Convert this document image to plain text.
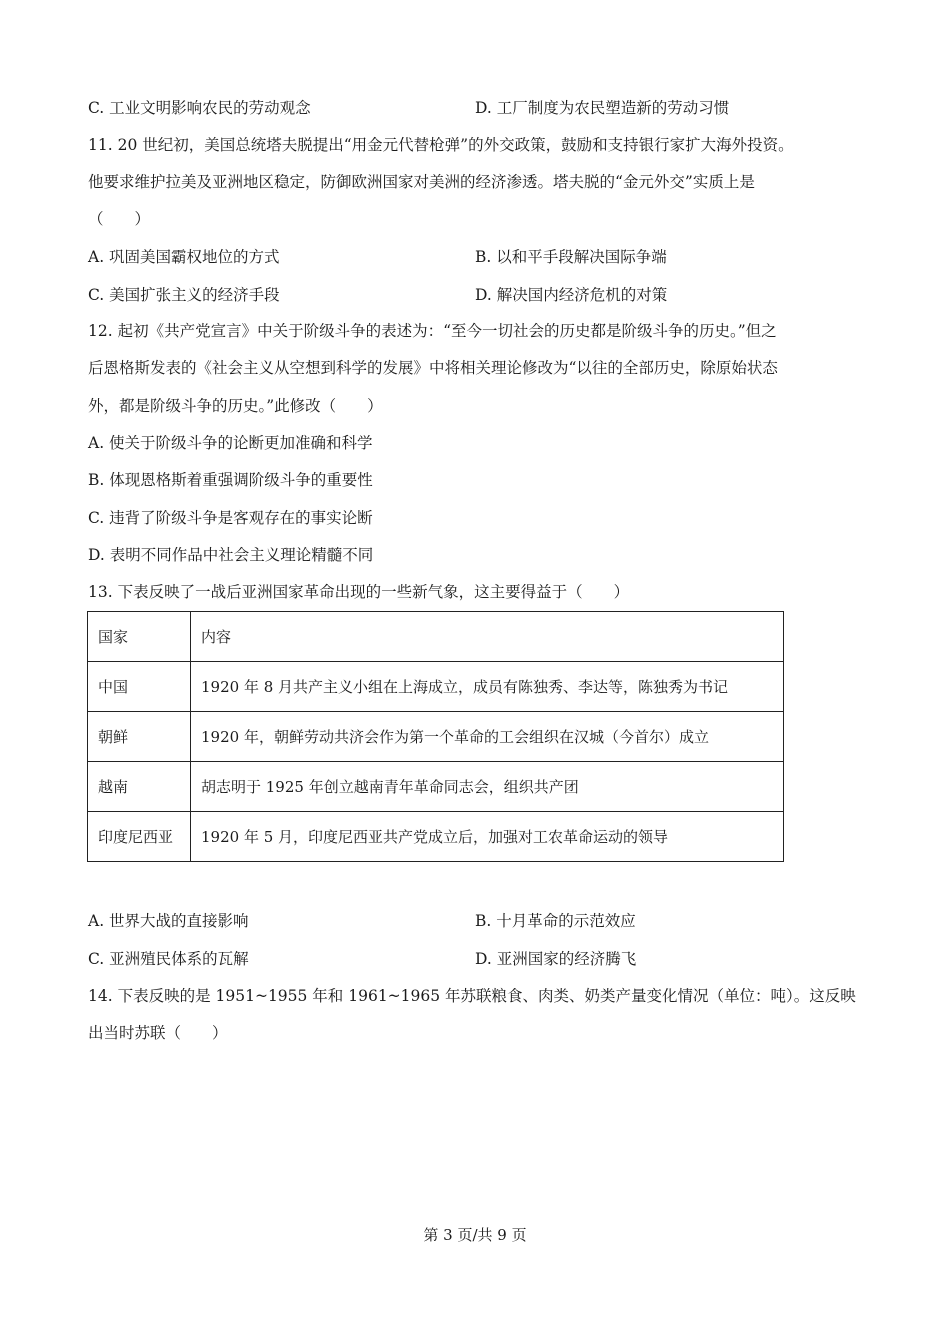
C. 工业文明影响农民的劳动观念	D. 工厂制度为农民塑造新的劳动习惯
11. 20 世纪初，美国总统塔夫脱提出“用金元代替枪弹”的外交政策，鼓励和支持银行家扩大海外投资。
他要求维护拉美及亚洲地区稳定，防御欧洲国家对美洲的经济渗透。塔夫脱的“金元外交”实质上是
（　　）
A. 巩固美国霸权地位的方式	B. 以和平手段解决国际争端
C. 美国扩张主义的经济手段	D. 解决国内经济危机的对策
12. 起初《共产党宣言》中关于阶级斗争的表述为：“至今一切社会的历史都是阶级斗争的历史。”但之
后恩格斯发表的《社会主义从空想到科学的发展》中将相关理论修改为“以往的全部历史，除原始状态
外，都是阶级斗争的历史。”此修改（　　）
A. 使关于阶级斗争的论断更加准确和科学
B. 体现恩格斯着重强调阶级斗争的重要性
C. 违背了阶级斗争是客观存在的事实论断
D. 表明不同作品中社会主义理论精髓不同
13. 下表反映了一战后亚洲国家革命出现的一些新气象，这主要得益于（　　）
国家	内容
中国	1920 年 8 月共产主义小组在上海成立，成员有陈独秀、李达等，陈独秀为书记
朝鲜	1920 年，朝鲜劳动共济会作为第一个革命的工会组织在汉城（今首尔）成立
越南	胡志明于 1925 年创立越南青年革命同志会，组织共产团
印度尼西亚	1920 年 5 月，印度尼西亚共产党成立后，加强对工农革命运动的领导
A. 世界大战的直接影响	B. 十月革命的示范效应
C. 亚洲殖民体系的瓦解	D. 亚洲国家的经济腾飞
14. 下表反映的是 1951~1955 年和 1961~1965 年苏联粮食、肉类、奶类产量变化情况（单位：吨）。这反映
出当时苏联（　　）
第 3 页/共 9 页
